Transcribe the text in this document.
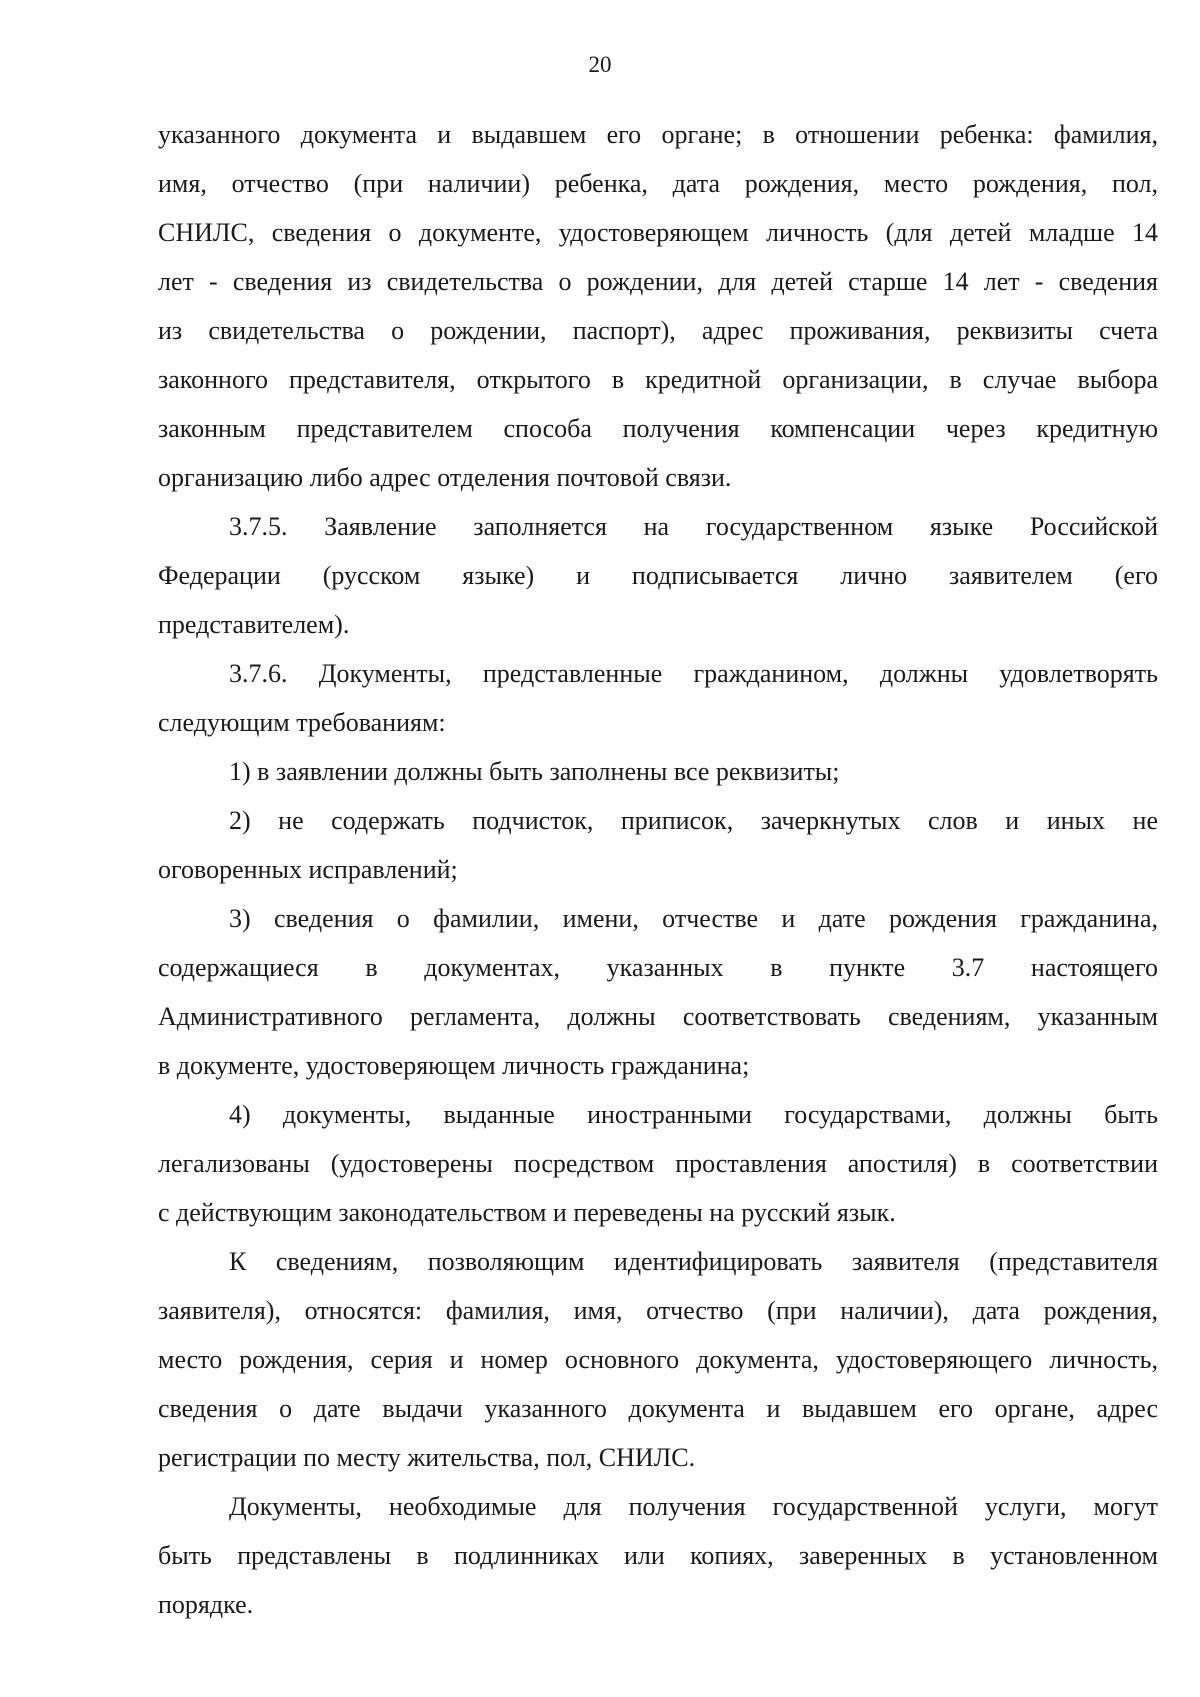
20

указанного документа и выдавшем его органе; в отношении ребенка: фамилия,
имя, отчество (при наличии) ребенка, дата рождения, место рождения, пол,
СНИЛС, сведения о документе, удостоверяющем личность (для детей младше 14
лет - сведения из свидетельства о рождении, для детей старше 14 лет - сведения
из свидетельства о рождении, паспорт), адрес проживания, реквизиты счета
законного представителя, открытого в кредитной организации, в случае выбора
законным представителем способа получения компенсации через кредитную
организацию либо адрес отделения почтовой связи.

3.7.5. Заявление заполняется на государственном языке Российской
Федерации (русском языке) и подписывается лично заявителем (его
представителем).

3.7.6. Документы, представленные гражданином, должны удовлетворять
следующим требованиям:

1) в заявлении должны быть заполнены все реквизиты;

2) не содержать подчисток, приписок, зачеркнутых слов и иных не
оговоренных исправлений;

3) сведения о фамилии, имени, отчестве и дате рождения гражданина,
содержащиеся в документах, указанных в пункте 3.7 настоящего
Административного регламента, должны соответствовать сведениям, указанным
в документе, удостоверяющем личность гражданина;

4) документы, выданные иностранными государствами, должны быть
легализованы (удостоверены посредством проставления апостиля) в соответствии
с действующим законодательством и переведены на русский язык.

К сведениям, позволяющим идентифицировать заявителя (представителя
заявителя), относятся: фамилия, имя, отчество (при наличии), дата рождения,
место рождения, серия и номер основного документа, удостоверяющего личность,
сведения о дате выдачи указанного документа и выдавшем его органе, адрес
регистрации по месту жительства, пол, СНИЛС.

Документы, необходимые для получения государственной услуги, могут
быть представлены в подлинниках или копиях, заверенных в установленном
порядке.
